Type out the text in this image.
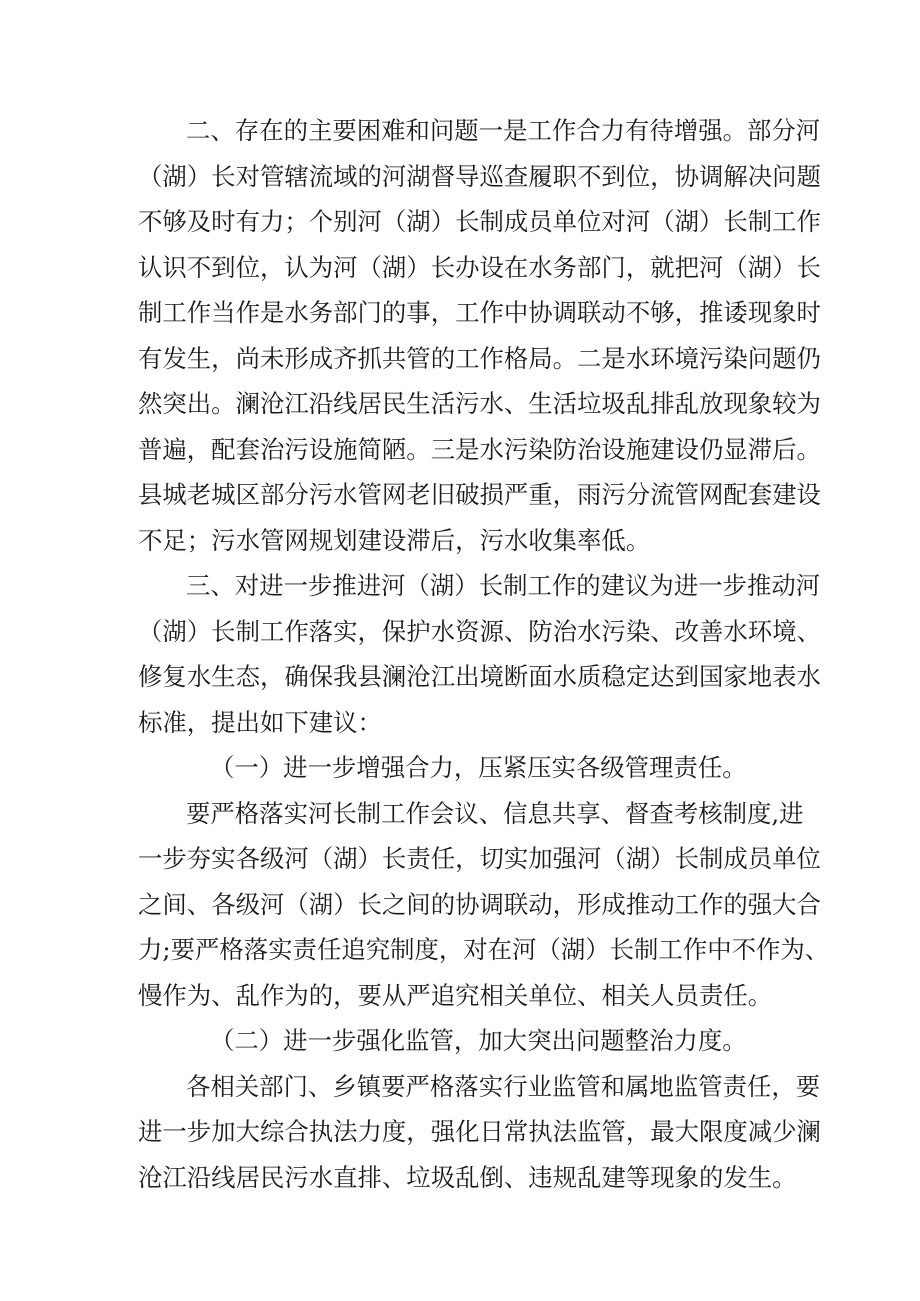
二、存在的主要困难和问题一是工作合力有待增强。部分河
（湖）长对管辖流域的河湖督导巡查履职不到位，协调解决问题
不够及时有力；个别河（湖）长制成员单位对河（湖）长制工作
认识不到位，认为河（湖）长办设在水务部门，就把河（湖）长
制工作当作是水务部门的事，工作中协调联动不够，推诿现象时
有发生，尚未形成齐抓共管的工作格局。二是水环境污染问题仍
然突出。澜沧江沿线居民生活污水、生活垃圾乱排乱放现象较为
普遍，配套治污设施简陋。三是水污染防治设施建设仍显滞后。
县城老城区部分污水管网老旧破损严重，雨污分流管网配套建设
不足；污水管网规划建设滞后，污水收集率低。
三、对进一步推进河（湖）长制工作的建议为进一步推动河
（湖）长制工作落实，保护水资源、防治水污染、改善水环境、
修复水生态，确保我县澜沧江出境断面水质稳定达到国家地表水
标准，提出如下建议：
（一）进一步增强合力，压紧压实各级管理责任。
要严格落实河长制工作会议、信息共享、督查考核制度,进
一步夯实各级河（湖）长责任，切实加强河（湖）长制成员单位
之间、各级河（湖）长之间的协调联动，形成推动工作的强大合
力;要严格落实责任追究制度，对在河（湖）长制工作中不作为、
慢作为、乱作为的，要从严追究相关单位、相关人员责任。
（二）进一步强化监管，加大突出问题整治力度。
各相关部门、乡镇要严格落实行业监管和属地监管责任，要
进一步加大综合执法力度，强化日常执法监管，最大限度减少澜
沧江沿线居民污水直排、垃圾乱倒、违规乱建等现象的发生。
